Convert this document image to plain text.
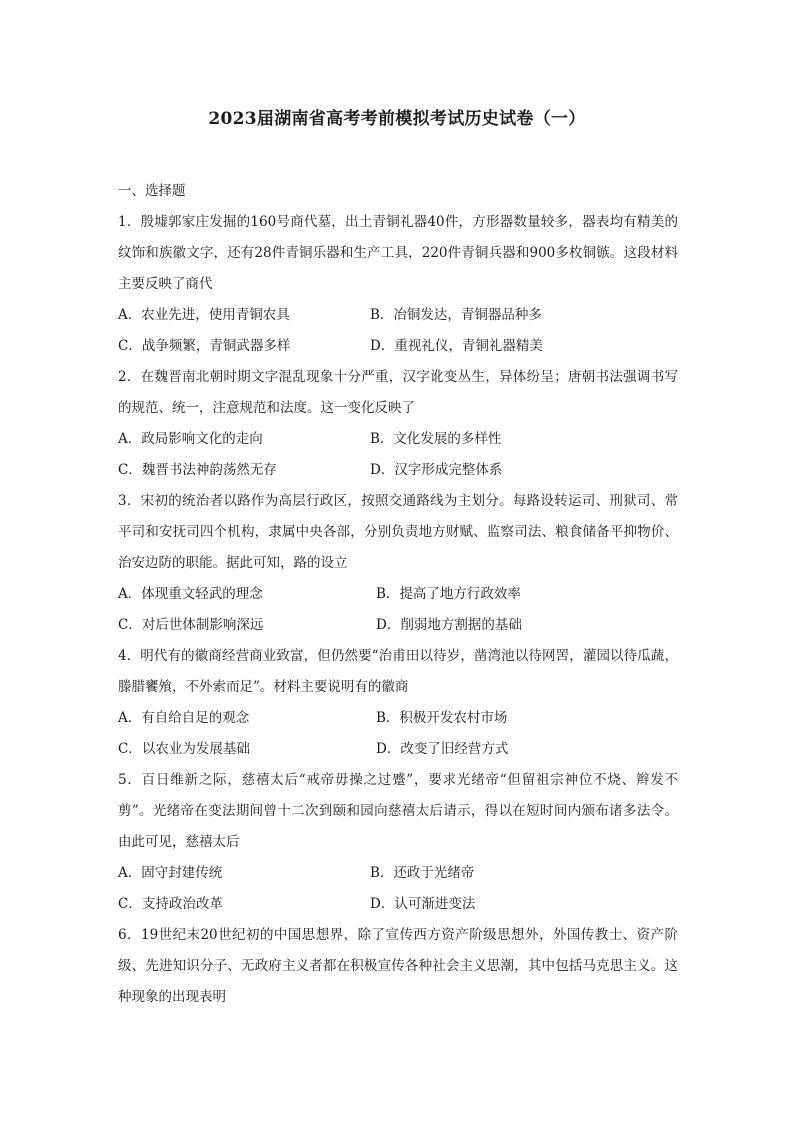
2023届湖南省高考考前模拟考试历史试卷（一）

一、选择题

1．殷墟郭家庄发掘的160号商代墓，出土青铜礼器40件，方形器数量较多，器表均有精美的纹饰和族徽文字，还有28件青铜乐器和生产工具，220件青铜兵器和900多枚铜镞。这段材料主要反映了商代

A．农业先进，使用青铜农具	B．冶铜发达，青铜器品种多
C．战争频繁，青铜武器多样	D．重视礼仪，青铜礼器精美

2．在魏晋南北朝时期文字混乱现象十分严重，汉字讹变丛生，异体纷呈；唐朝书法强调书写的规范、统一，注意规范和法度。这一变化反映了

A．政局影响文化的走向	B．文化发展的多样性
C．魏晋书法神韵荡然无存	D．汉字形成完整体系

3．宋初的统治者以路作为高层行政区，按照交通路线为主划分。每路设转运司、刑狱司、常平司和安抚司四个机构，隶属中央各部，分别负责地方财赋、监察司法、粮食储备平抑物价、治安边防的职能。据此可知，路的设立

A．体现重文轻武的理念	B．提高了地方行政效率
C．对后世体制影响深远	D．削弱地方割据的基础

4．明代有的徽商经营商业致富，但仍然要“治甫田以待岁，凿湾池以待网罟，灌园以待瓜蔬，滕腊饔飧，不外索而足”。材料主要说明有的徽商

A．有自给自足的观念	B．积极开发农村市场
C．以农业为发展基础	D．改变了旧经营方式

5．百日维新之际，慈禧太后“戒帝毋操之过蹙”，要求光绪帝“但留祖宗神位不烧、辫发不剪”。光绪帝在变法期间曾十二次到颐和园向慈禧太后请示，得以在短时间内颁布诸多法令。由此可见，慈禧太后

A．固守封建传统	B．还政于光绪帝
C．支持政治改革	D．认可渐进变法

6．19世纪末20世纪初的中国思想界，除了宣传西方资产阶级思想外，外国传教士、资产阶级、先进知识分子、无政府主义者都在积极宣传各种社会主义思潮，其中包括马克思主义。这种现象的出现表明
